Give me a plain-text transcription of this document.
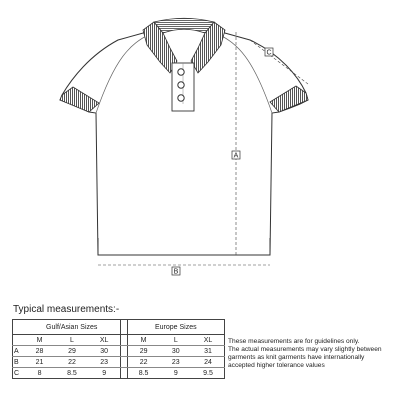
A
B
C
Typical measurements:-
	Gulf/Asian Sizes				Europe Sizes		
	M	L	XL		M	L	XL
A	28	29	30		29	30	31
B	21	22	23		22	23	24
C	8	8.5	9		8.5	9	9.5
These measurements are for guidelines only.
The actual measurements may vary slightly between
garments as knit garments have internationally
accepted higher tolerance values
